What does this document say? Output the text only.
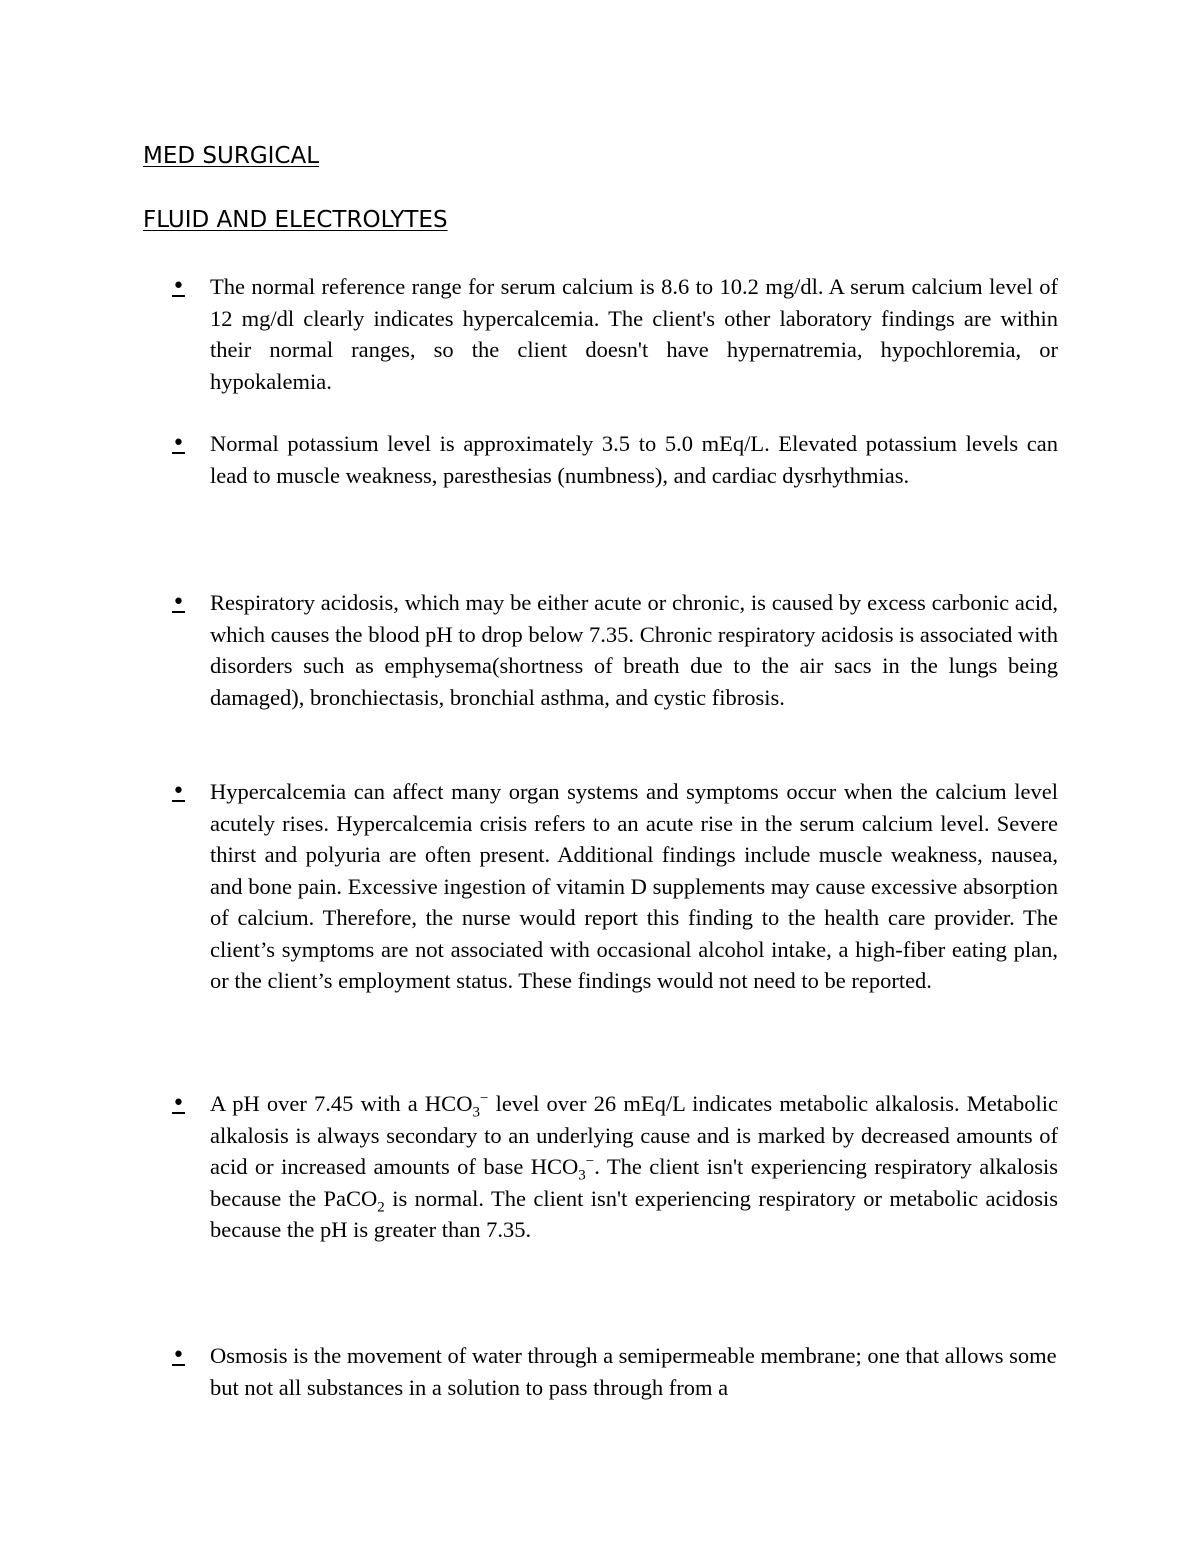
MED SURGICAL
FLUID AND ELECTROLYTES
•	The normal reference range for serum calcium is 8.6 to 10.2 mg/dl. A serum calcium level of 12 mg/dl clearly indicates hypercalcemia. The client's other laboratory findings are within their normal ranges, so the client doesn't have hypernatremia, hypochloremia, or hypokalemia.
•	Normal potassium level is approximately 3.5 to 5.0 mEq/L. Elevated potassium levels can lead to muscle weakness, paresthesias (numbness), and cardiac dysrhythmias.
•	Respiratory acidosis, which may be either acute or chronic, is caused by excess carbonic acid, which causes the blood pH to drop below 7.35. Chronic respiratory acidosis is associated with disorders such as emphysema(shortness of breath due to the air sacs in the lungs being damaged), bronchiectasis, bronchial asthma, and cystic fibrosis.
•	Hypercalcemia can affect many organ systems and symptoms occur when the calcium level acutely rises. Hypercalcemia crisis refers to an acute rise in the serum calcium level. Severe thirst and polyuria are often present. Additional findings include muscle weakness, nausea, and bone pain. Excessive ingestion of vitamin D supplements may cause excessive absorption of calcium. Therefore, the nurse would report this finding to the health care provider. The client’s symptoms are not associated with occasional alcohol intake, a high-fiber eating plan, or the client’s employment status. These findings would not need to be reported.
•	A pH over 7.45 with a $HCO_3^-$ level over 26 mEq/L indicates metabolic alkalosis. Metabolic alkalosis is always secondary to an underlying cause and is marked by decreased amounts of acid or increased amounts of base $HCO_3^-$. The client isn't experiencing respiratory alkalosis because the PaCO$_2$ is normal. The client isn't experiencing respiratory or metabolic acidosis because the pH is greater than 7.35.
•	Osmosis is the movement of water through a semipermeable membrane; one that allows some but not all substances in a solution to pass through from a
